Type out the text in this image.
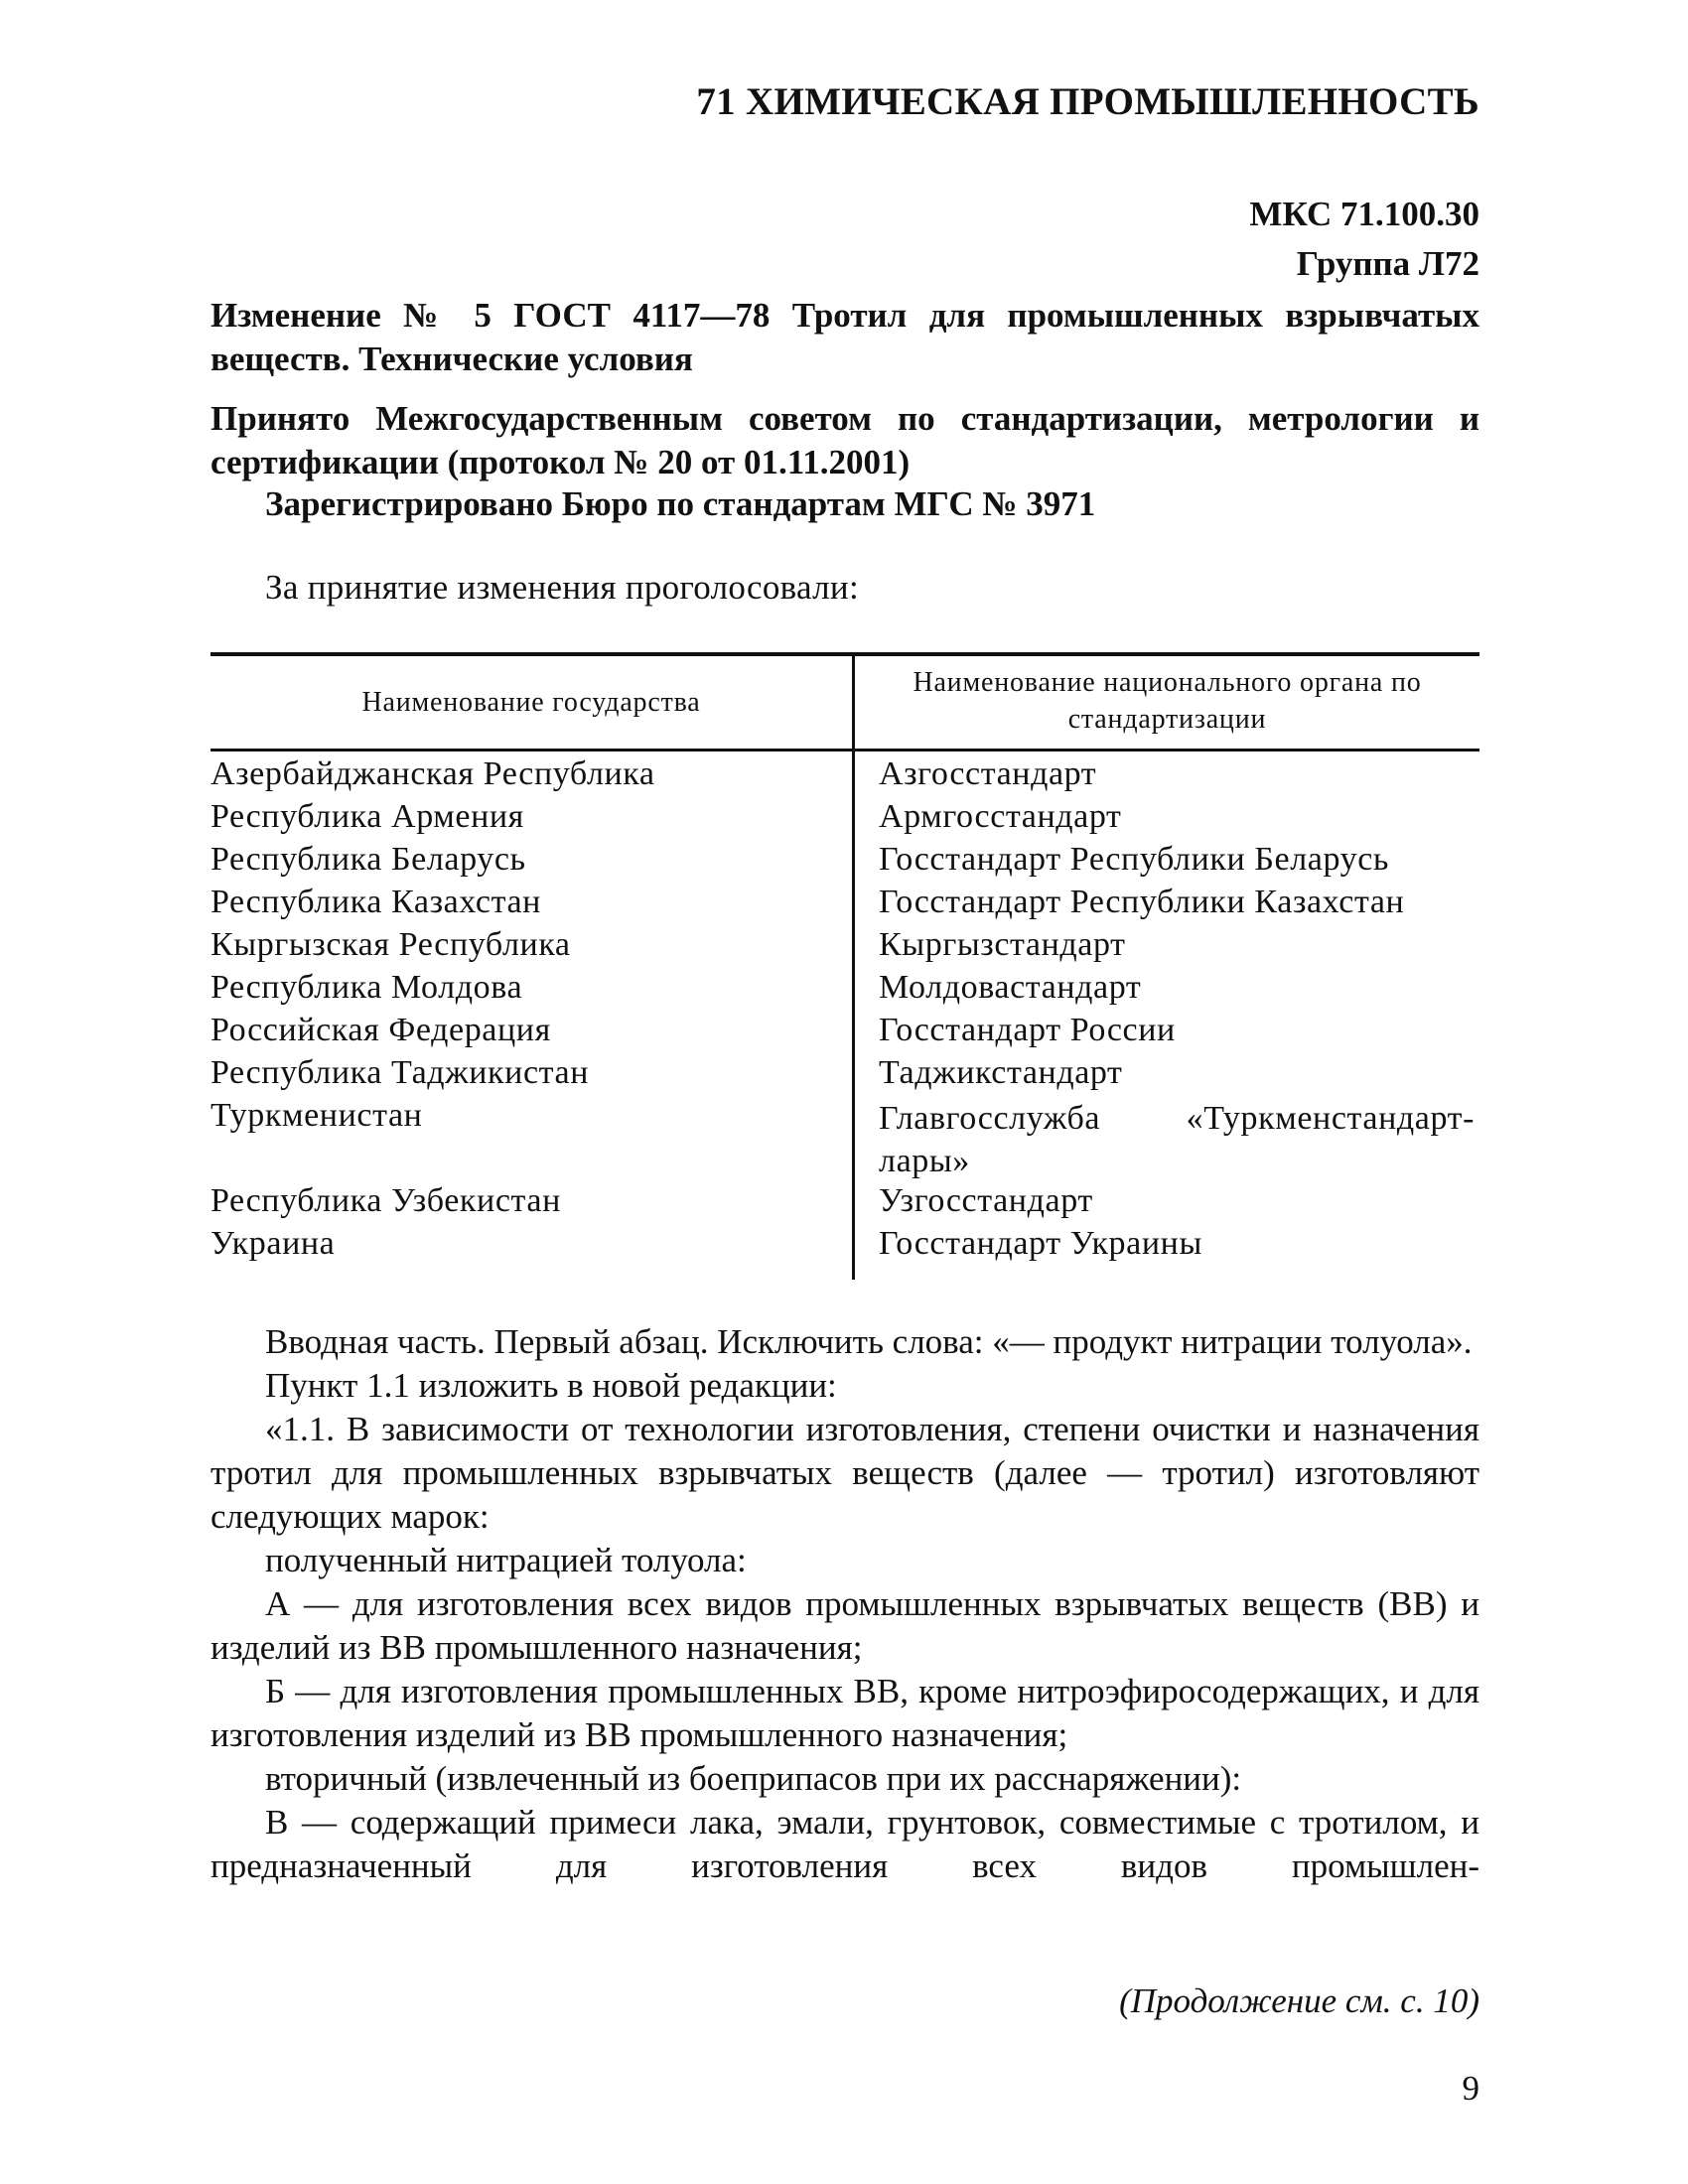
71 ХИМИЧЕСКАЯ ПРОМЫШЛЕННОСТЬ
МКС 71.100.30
Группа Л72

Изменение № 5 ГОСТ 4117—78 Тротил для промышленных взрывчатых веществ. Технические условия

Принято Межгосударственным советом по стандартизации, метрологии и сертификации (протокол № 20 от 01.11.2001)

Зарегистрировано Бюро по стандартам МГС № 3971

За принятие изменения проголосовали:

Наименование государства
Наименование национального органа по стандартизации
Азербайджанская Республика	Азгосстандарт
Республика Армения	Армгосстандарт
Республика Беларусь	Госстандарт Республики Беларусь
Республика Казахстан	Госстандарт Республики Казахстан
Кыргызская Республика	Кыргызстандарт
Республика Молдова	Молдовастандарт
Российская Федерация	Госстандарт России
Республика Таджикистан	Таджикстандарт
Туркменистан	Главгосслужба «Туркменстандарт-лары»
Республика Узбекистан	Узгосстандарт
Украина	Госстандарт Украины

Вводная часть. Первый абзац. Исключить слова: «— продукт нитрации толуола».

Пункт 1.1 изложить в новой редакции:

«1.1. В зависимости от технологии изготовления, степени очистки и назначения тротил для промышленных взрывчатых веществ (далее — тротил) изготовляют следующих марок:

полученный нитрацией толуола:

А — для изготовления всех видов промышленных взрывчатых веществ (ВВ) и изделий из ВВ промышленного назначения;

Б — для изготовления промышленных ВВ, кроме нитроэфиросодержащих, и для изготовления изделий из ВВ промышленного назначения;

вторичный (извлеченный из боеприпасов при их расснаряжении):

В — содержащий примеси лака, эмали, грунтовок, совместимые с тротилом, и предназначенный для изготовления всех видов промышлен-

(Продолжение см. с. 10)
9
